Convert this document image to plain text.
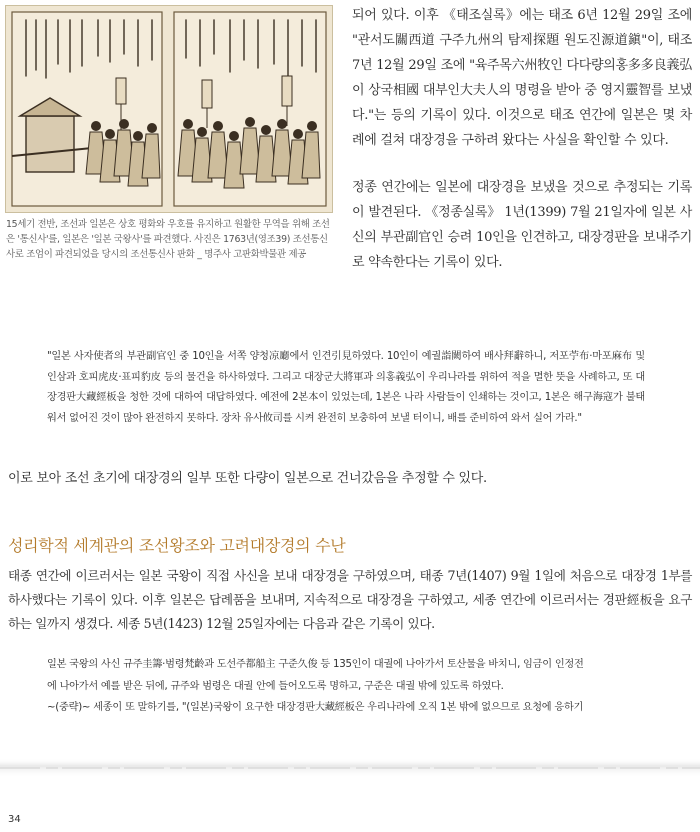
15세기 전반, 조선과 일본은 상호 평화와 우호를 유지하고 원활한 무역을 위해 조선은 '통신사'를, 일본은 '일본 국왕사'를 파견했다. 사진은 1763년(영조39) 조선통신사로 조엄이 파견되었을 당시의 조선통신사 판화 _ 명주사 고판화박물관 제공

되어 있다. 이후 《태조실록》에는 태조 6년 12월 29일 조에 "관서도關西道 구주九州의 탐제探題 원도진源道鎭"이, 태조 7년 12월 29일 조에 "육주목六州牧인 다다량의홍多多良義弘이 상국相國 대부인大夫人의 명령을 받아 중 영지靈智를 보냈다."는 등의 기록이 있다. 이것으로 태조 연간에 일본은 몇 차례에 걸쳐 대장경을 구하려 왔다는 사실을 확인할 수 있다.

정종 연간에는 일본에 대장경을 보냈을 것으로 추정되는 기록이 발견된다. 《정종실록》 1년(1399) 7월 21일자에 일본 사신의 부관副官인 승려 10인을 인견하고, 대장경판을 보내주기로 약속한다는 기록이 있다.

"일본 사자使者의 부관副官인 중 10인을 서쪽 양청凉廳에서 인견引見하였다. 10인이 예궐詣闕하여 배사拜辭하니, 저포苧布·마포麻布 및 인삼과 호피虎皮·표피豹皮 등의 물건을 하사하였다. 그리고 대장군大將軍과 의홍義弘이 우리나라를 위하여 적을 멸한 뜻을 사례하고, 또 대장경판大藏經板을 청한 것에 대하여 대답하였다. 예전에 2본本이 있었는데, 1본은 나라 사람들이 인쇄하는 것이고, 1본은 해구海寇가 불태워서 없어진 것이 많아 완전하지 못하다. 장차 유사攸司를 시켜 완전히 보충하여 보낼 터이니, 배를 준비하여 와서 실어 가라."

이로 보아 조선 초기에 대장경의 일부 또한 다량이 일본으로 건너갔음을 추정할 수 있다.

성리학적 세계관의 조선왕조와 고려대장경의 수난

태종 연간에 이르러서는 일본 국왕이 직접 사신을 보내 대장경을 구하였으며, 태종 7년(1407) 9월 1일에 처음으로 대장경 1부를 하사했다는 기록이 있다. 이후 일본은 답례품을 보내며, 지속적으로 대장경을 구하였고, 세종 연간에 이르러서는 경판經板을 요구하는 일까지 생겼다. 세종 5년(1423) 12월 25일자에는 다음과 같은 기록이 있다.

일본 국왕의 사신 규주圭籌·범령梵齡과 도선주都船主 구준久俊 등 135인이 대궐에 나아가서 토산물을 바치니, 임금이 인정전
에 나아가서 예를 받은 뒤에, 규주와 범령은 대궐 안에 들어오도록 명하고, 구준은 대궐 밖에 있도록 하였다.
~(중략)~ 세종이 또 말하기를, "(일본)국왕이 요구한 대장경판大藏經板은 우리나라에 오직 1본 밖에 없으므로 요청에 응하기

34
